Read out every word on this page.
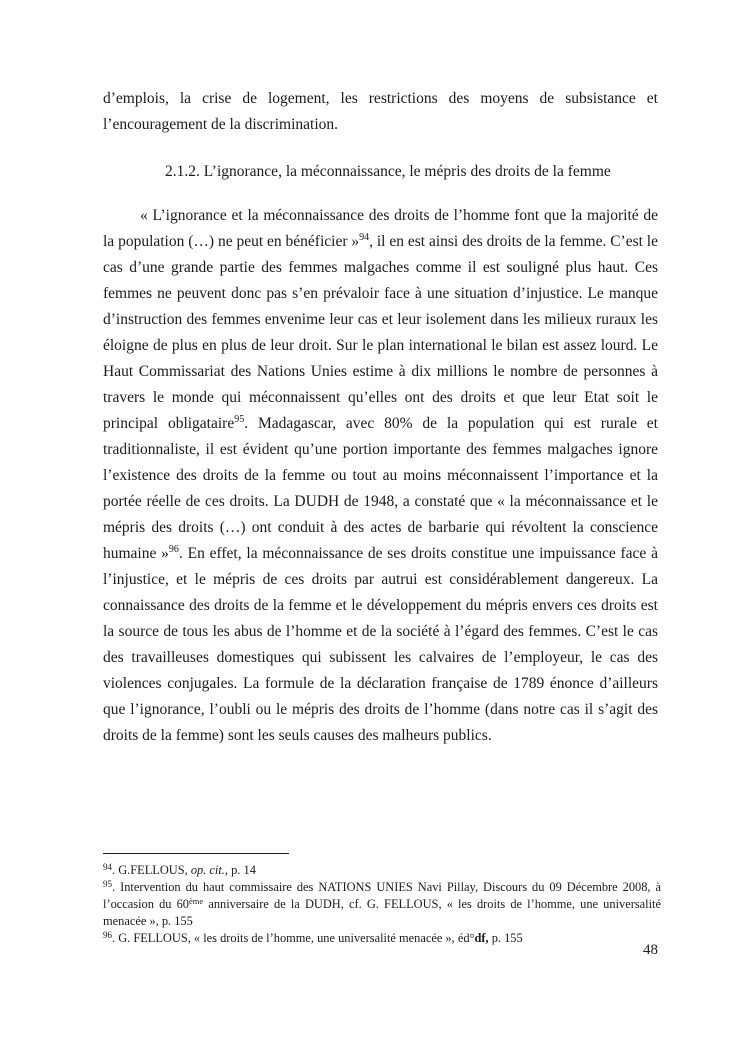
d’emplois, la crise de logement, les restrictions des moyens de subsistance et l’encouragement de la discrimination.

2.1.2. L’ignorance, la méconnaissance, le mépris des droits de la femme

« L’ignorance et la méconnaissance des droits de l’homme font que la majorité de la population (…) ne peut en bénéficier »$^{94}$, il en est ainsi des droits de la femme. C’est le cas d’une grande partie des femmes malgaches comme il est souligné plus haut. Ces femmes ne peuvent donc pas s’en prévaloir face à une situation d’injustice. Le manque d’instruction des femmes envenime leur cas et leur isolement dans les milieux ruraux les éloigne de plus en plus de leur droit. Sur le plan international le bilan est assez lourd. Le Haut Commissariat des Nations Unies estime à dix millions le nombre de personnes à travers le monde qui méconnaissent qu’elles ont des droits et que leur Etat soit le principal obligataire$^{95}$. Madagascar, avec 80% de la population qui est rurale et traditionnaliste, il est évident qu’une portion importante des femmes malgaches ignore l’existence des droits de la femme ou tout au moins méconnaissent l’importance et la portée réelle de ces droits. La DUDH de 1948, a constaté que « la méconnaissance et le mépris des droits (…) ont conduit à des actes de barbarie qui révoltent la conscience humaine »$^{96}$. En effet, la méconnaissance de ses droits constitue une impuissance face à l’injustice, et le mépris de ces droits par autrui est considérablement dangereux. La connaissance des droits de la femme et le développement du mépris envers ces droits est la source de tous les abus de l’homme et de la société à l’égard des femmes. C’est le cas des travailleuses domestiques qui subissent les calvaires de l’employeur, le cas des violences conjugales. La formule de la déclaration française de 1789 énonce d’ailleurs que l’ignorance, l’oubli ou le mépris des droits de l’homme (dans notre cas il s’agit des droits de la femme) sont les seuls causes des malheurs publics.

$^{94}$. G.FELLOUS, op. cit., p. 14

$^{95}$. Intervention du haut commissaire des NATIONS UNIES Navi Pillay, Discours du 09 Décembre 2008, à l’occasion du 60ème anniversaire de la DUDH, cf. G. FELLOUS, « les droits de l’homme, une universalité menacée », p. 155

$^{96}$. G. FELLOUS, « les droits de l’homme, une universalité menacée », éd°df, p. 155

48
